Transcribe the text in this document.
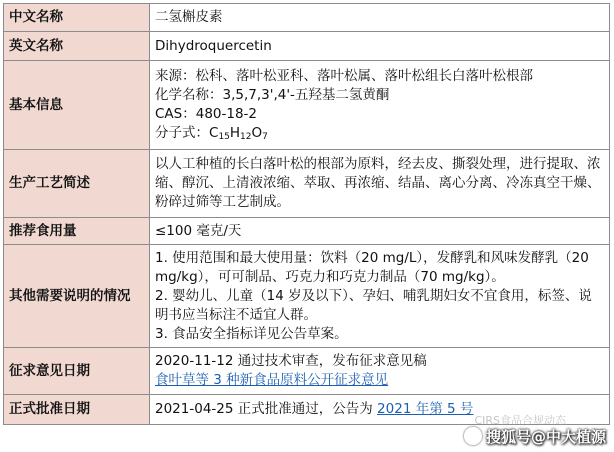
中文名称	二氢槲皮素
英文名称	Dihydroquercetin
基本信息	来源：松科、落叶松亚科、落叶松属、落叶松组长白落叶松根部
化学名称：3,5,7,3',4'-五羟基二氢黄酮
CAS：480-18-2
分子式：$C_{15}H_{12}O_7$

生产工艺简述	以人工种植的长白落叶松的根部为原料，经去皮、撕裂处理，进行提取、浓缩、醇沉、上清液浓缩、萃取、再浓缩、结晶、离心分离、冷冻真空干燥、粉碎过筛等工艺制成。
推荐食用量	≤100 毫克/天
其他需要说明的情况	1. 使用范围和最大使用量：饮料（20 mg/L），发酵乳和风味发酵乳（20 mg/kg），可可制品、巧克力和巧克力制品（70 mg/kg）。
2. 婴幼儿、儿童（14 岁及以下）、孕妇、哺乳期妇女不宜食用，标签、说明书应当标注不适宜人群。
3. 食品安全指标详见公告草案。

征求意见日期	2020-11-12 通过技术审查，发布征求意见稿
食叶草等 3 种新食品原料公开征求意见

正式批准日期	2021-04-25 正式批准通过，公告为 2021 年第 5 号
CIRS食品合规动态
搜狐号@中大植源
